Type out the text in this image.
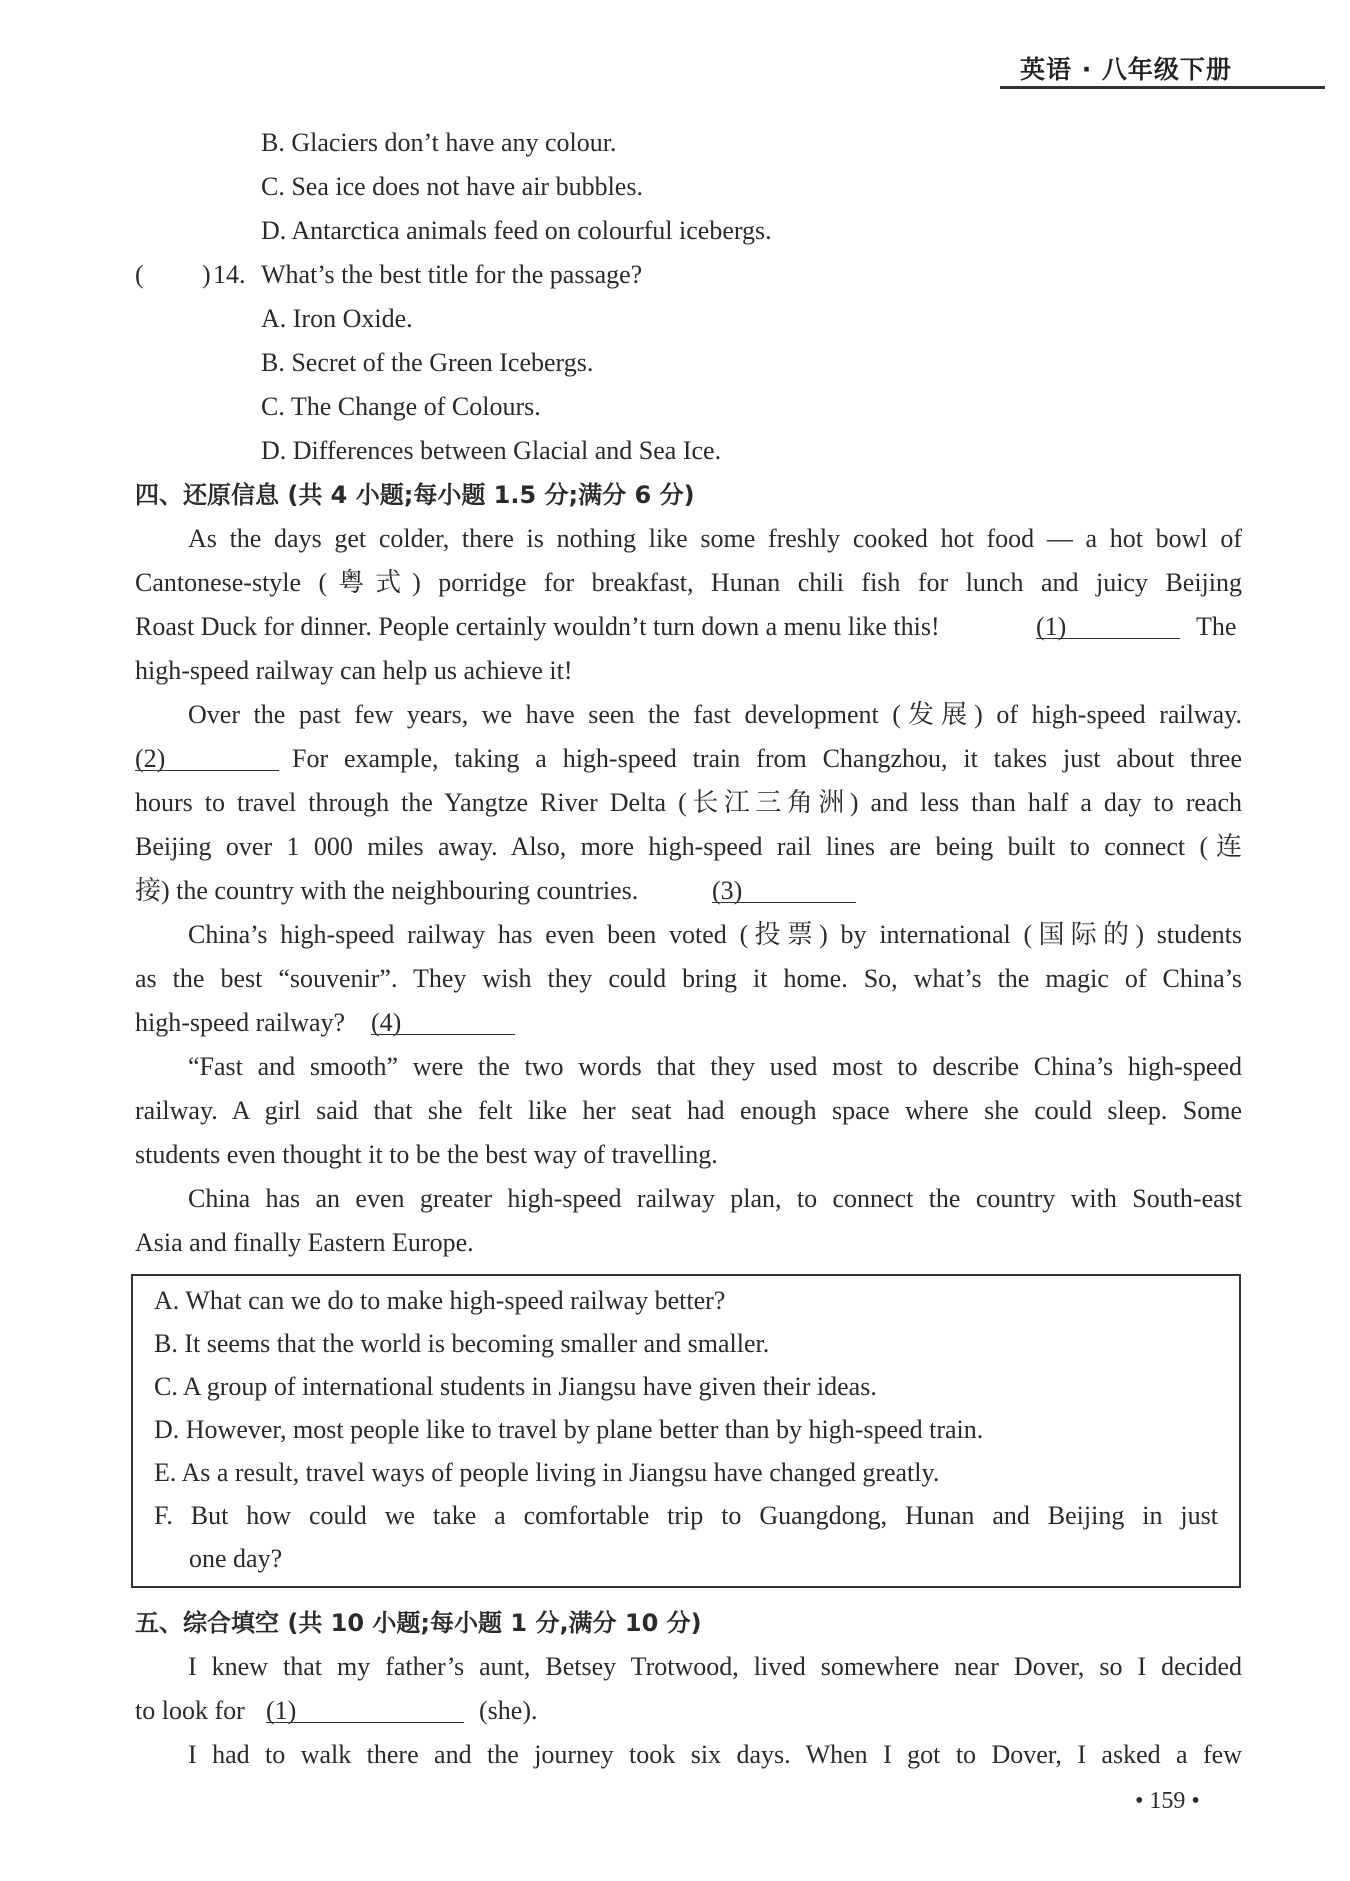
英语 · 八年级下册
B. Glaciers don’t have any colour.
C. Sea ice does not have air bubbles.
D. Antarctica animals feed on colourful icebergs.
( ) 14. What’s the best title for the passage?
A. Iron Oxide.
B. Secret of the Green Icebergs.
C. The Change of Colours.
D. Differences between Glacial and Sea Ice.
四、还原信息 (共 4 小题;每小题 1.5 分;满分 6 分)
As the days get colder, there is nothing like some freshly cooked hot food — a hot bowl of
Cantonese-style (粤式) porridge for breakfast, Hunan chili fish for lunch and juicy Beijing
Roast Duck for dinner. People certainly wouldn’t turn down a menu like this!	(1)	The
high-speed railway can help us achieve it!
Over the past few years, we have seen the fast development (发展) of high-speed railway.
(2)	For example, taking a high-speed train from Changzhou, it takes just about three
hours to travel through the Yangtze River Delta (长江三角洲) and less than half a day to reach
Beijing over 1 000 miles away. Also, more high-speed rail lines are being built to connect (连
接) the country with the neighbouring countries.	(3)
China’s high-speed railway has even been voted (投票) by international (国际的) students
as the best “souvenir”. They wish they could bring it home. So, what’s the magic of China’s
high-speed railway? (4)
“Fast and smooth” were the two words that they used most to describe China’s high-speed
railway. A girl said that she felt like her seat had enough space where she could sleep. Some
students even thought it to be the best way of travelling.
China has an even greater high-speed railway plan, to connect the country with South-east
Asia and finally Eastern Europe.
A. What can we do to make high-speed railway better?
B. It seems that the world is becoming smaller and smaller.
C. A group of international students in Jiangsu have given their ideas.
D. However, most people like to travel by plane better than by high-speed train.
E. As a result, travel ways of people living in Jiangsu have changed greatly.
F. But how could we take a comfortable trip to Guangdong, Hunan and Beijing in just
one day?
五、综合填空 (共 10 小题;每小题 1 分,满分 10 分)
I knew that my father’s aunt, Betsey Trotwood, lived somewhere near Dover, so I decided
to look for (1)	(she).
I had to walk there and the journey took six days. When I got to Dover, I asked a few
• 159 •
